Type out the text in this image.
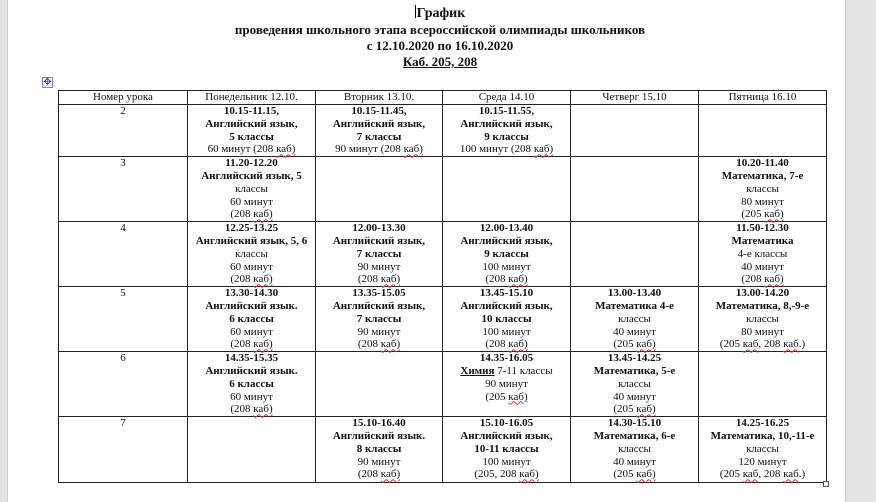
График
проведения школьного этапа всероссийской олимпиады школьников
с 12.10.2020 по 16.10.2020
Каб. 205, 208
✥
Номер урока	Понедельник 12.10.	Вторник 13.10.	Среда 14.10	Четверг 15.10	Пятница 16.10
2	10.15-11.15,
Английский язык,
5 классы
60 минут (208 каб)	10.15-11.45,
Английский язык,
7 классы
90 минут (208 каб)	10.15-11.55,
Английский язык,
9 классы
100 минут (208 каб)		

3	11.20-12.20
Английский язык, 5
классы
60 минут
(208 каб)				10.20-11.40
Математика, 7-е
классы
80 минут
(205 каб)

4	12.25-13.25
Английский язык, 5, 6
классы
60 минут
(208 каб)	12.00-13.30
Английский язык,
7 классы
90 минут
(208 каб)	12.00-13.40
Английский язык,
9 классы
100 минут
(208 каб)		11.50-12.30
Математика
4-е классы
40 минут
(208 каб)

5	13.30-14.30
Английский язык.
6 классы
60 минут
(208 каб)	13.35-15.05
Английский язык,
7 классы
90 минут
(208 каб)	13.45-15.10
Английский язык,
10 классы
100 минут
(208 каб)	13.00-13.40
Математика 4-е
классы
40 минут
(205 каб)	13.00-14.20
Математика, 8,-9-е
классы
80 минут
(205 каб, 208 каб.)

6	14.35-15.35
Английский язык.
6 классы
60 минут
(208 каб)		14.35-16.05
Химия 7-11 классы
90 минут
(205 каб)	13.45-14.25
Математика, 5-е
классы
40 минут
(205 каб)	

7		15.10-16.40
Английский язык.
8 классы
90 минут
(208 каб)	15.10-16.05
Английский язык,
10-11 классы
100 минут
(205, 208 каб)	14.30-15.10
Математика, 6-е
классы
40 минут
(205 каб)	14.25-16.25
Математика, 10,-11-е
классы
120 минут
(205 каб, 208 каб.)
